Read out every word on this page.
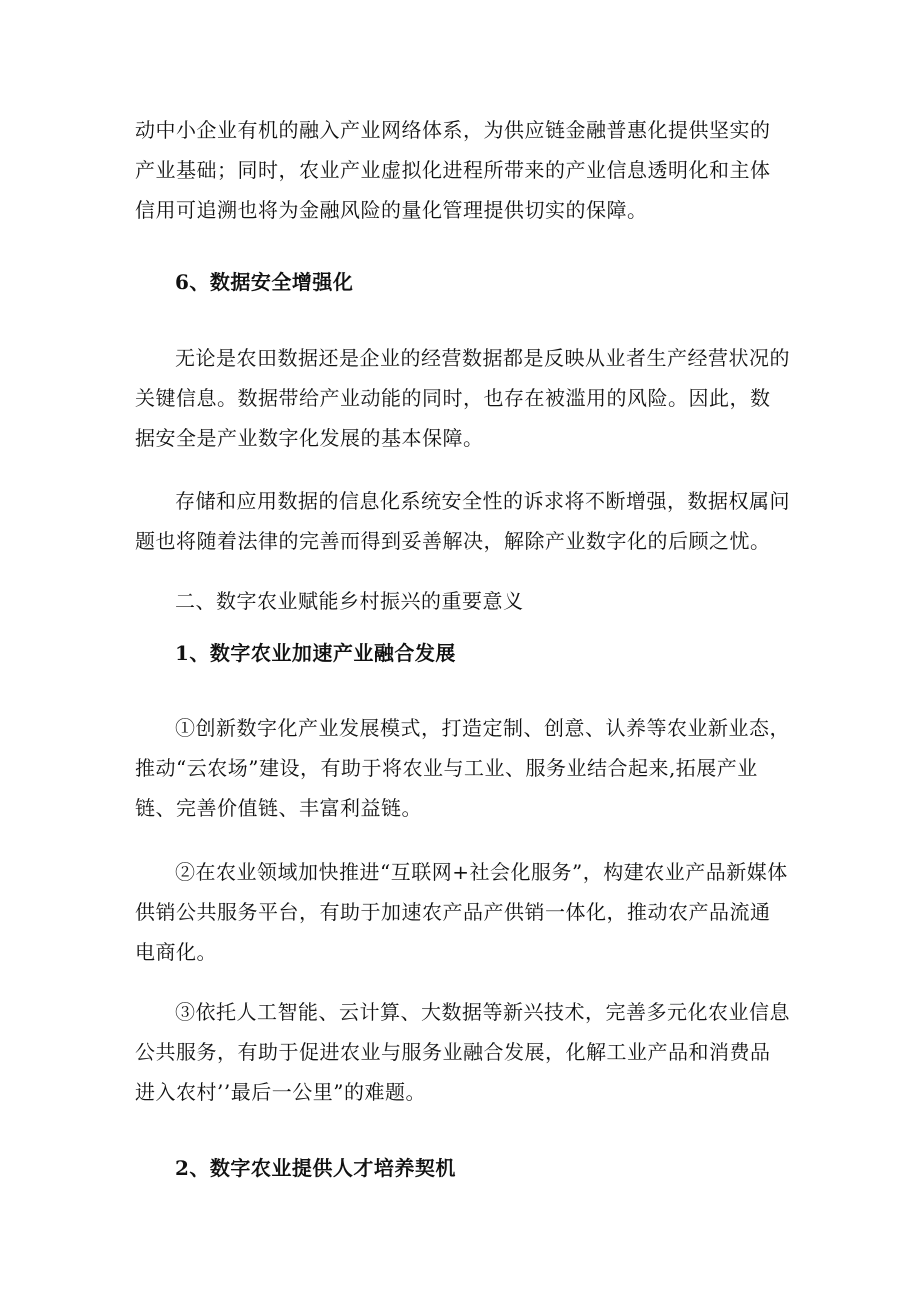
动中小企业有机的融入产业网络体系，为供应链金融普惠化提供坚实的产业基础；同时，农业产业虚拟化进程所带来的产业信息透明化和主体信用可追溯也将为金融风险的量化管理提供切实的保障。

6、数据安全增强化

无论是农田数据还是企业的经营数据都是反映从业者生产经营状况的关键信息。数据带给产业动能的同时，也存在被滥用的风险。因此，数据安全是产业数字化发展的基本保障。

存储和应用数据的信息化系统安全性的诉求将不断增强，数据权属问题也将随着法律的完善而得到妥善解决，解除产业数字化的后顾之忧。

二、数字农业赋能乡村振兴的重要意义

1、数字农业加速产业融合发展

①创新数字化产业发展模式，打造定制、创意、认养等农业新业态，推动“云农场”建设，有助于将农业与工业、服务业结合起来,拓展产业链、完善价值链、丰富利益链。

②在农业领域加快推进“互联网+社会化服务”，构建农业产品新媒体供销公共服务平台，有助于加速农产品产供销一体化，推动农产品流通电商化。

③依托人工智能、云计算、大数据等新兴技术，完善多元化农业信息公共服务，有助于促进农业与服务业融合发展，化解工业产品和消费品进入农村’’最后一公里”的难题。

2、数字农业提供人才培养契机
